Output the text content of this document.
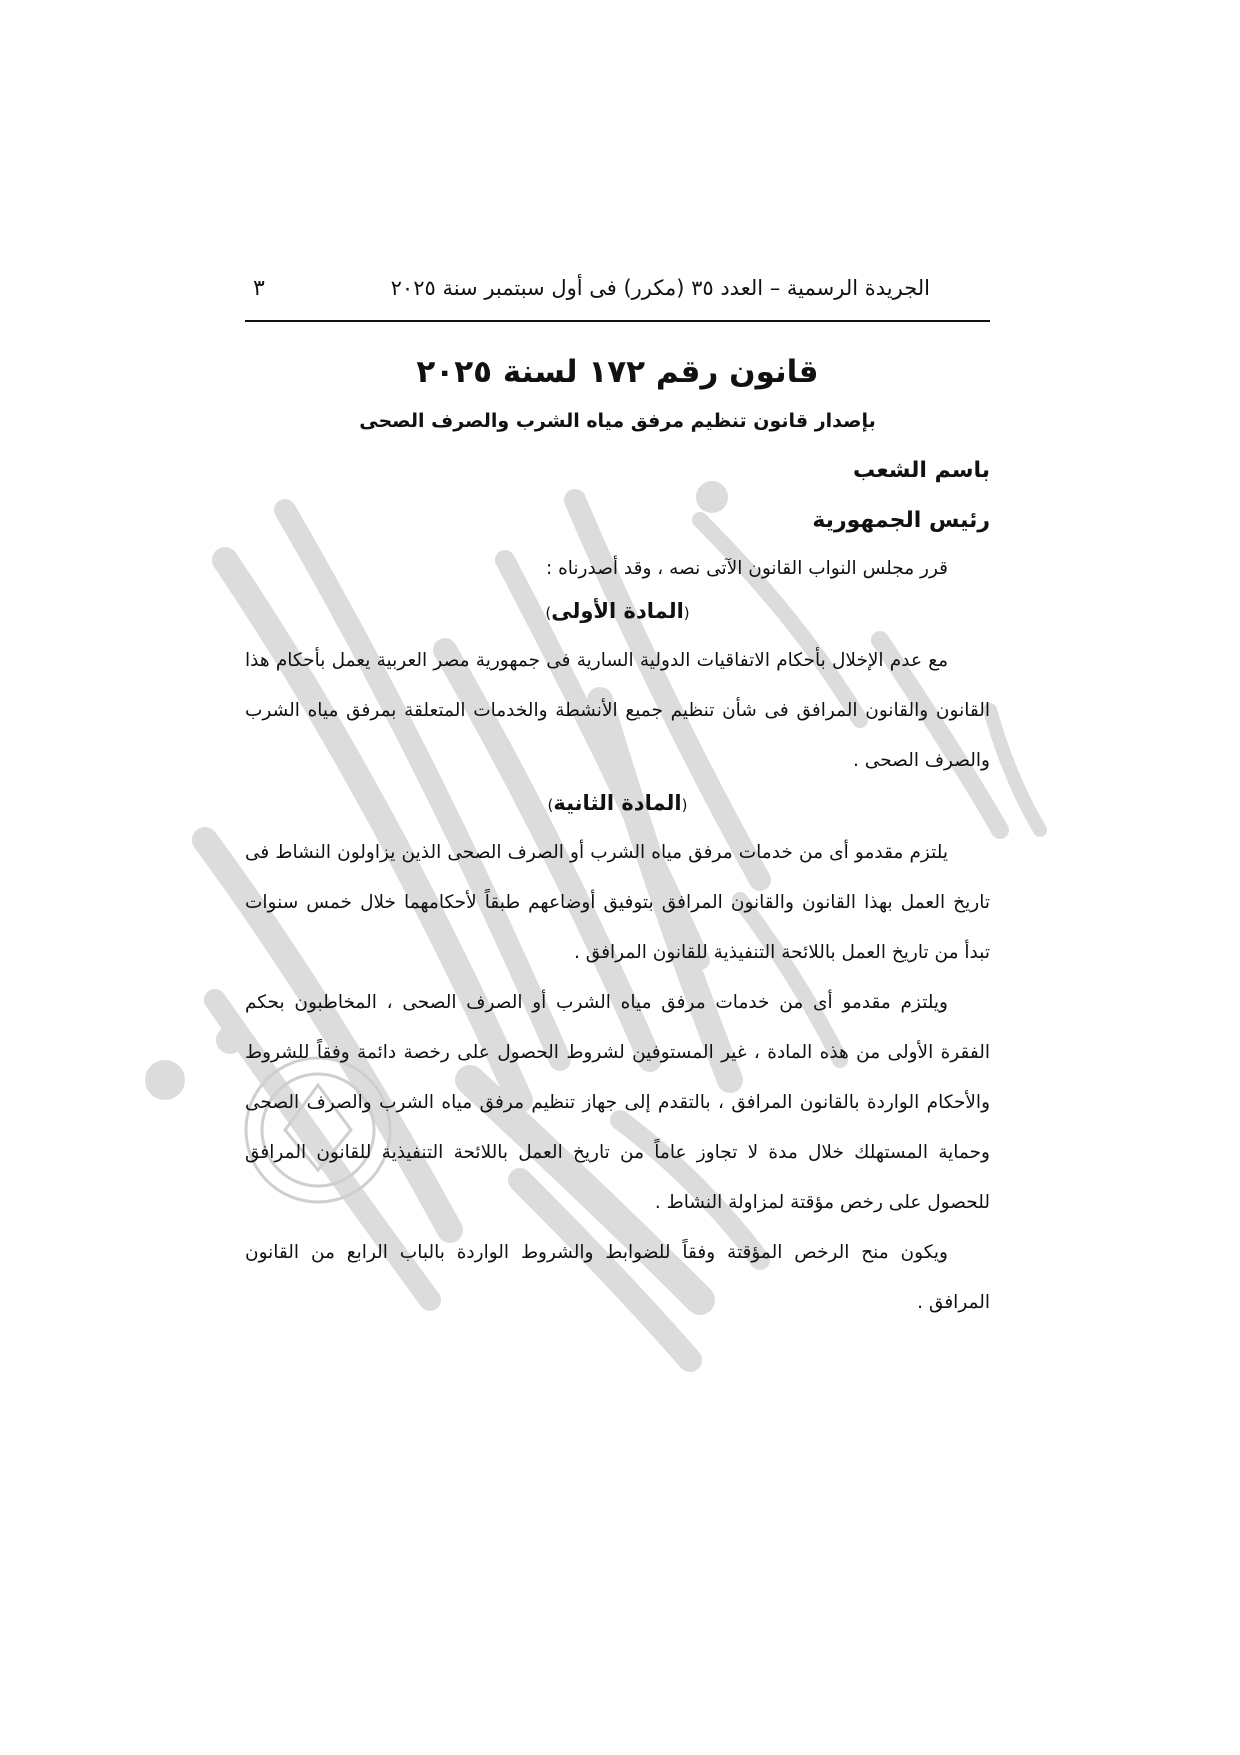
الجريدة الرسمية – العدد ٣٥ (مكرر) فى أول سبتمبر سنة ٢٠٢٥
٣
قانون رقم ١٧٢ لسنة ٢٠٢٥
بإصدار قانون تنظيم مرفق مياه الشرب والصرف الصحى
باسم الشعب
رئيس الجمهورية

قرر مجلس النواب القانون الآتى نصه ، وقد أصدرناه :

(المادة الأولى)

مع عدم الإخلال بأحكام الاتفاقيات الدولية السارية فى جمهورية مصر العربية يعمل بأحكام هذا القانون والقانون المرافق فى شأن تنظيم جميع الأنشطة والخدمات المتعلقة بمرفق مياه الشرب والصرف الصحى .

(المادة الثانية)

يلتزم مقدمو أى من خدمات مرفق مياه الشرب أو الصرف الصحى الذين يزاولون النشاط فى تاريخ العمل بهذا القانون والقانون المرافق بتوفيق أوضاعهم طبقاً لأحكامهما خلال خمس سنوات تبدأ من تاريخ العمل باللائحة التنفيذية للقانون المرافق .

ويلتزم مقدمو أى من خدمات مرفق مياه الشرب أو الصرف الصحى ، المخاطبون بحكم الفقرة الأولى من هذه المادة ، غير المستوفين لشروط الحصول على رخصة دائمة وفقاً للشروط والأحكام الواردة بالقانون المرافق ، بالتقدم إلى جهاز تنظيم مرفق مياه الشرب والصرف الصحى وحماية المستهلك خلال مدة لا تجاوز عاماً من تاريخ العمل باللائحة التنفيذية للقانون المرافق للحصول على رخص مؤقتة لمزاولة النشاط .

ويكون منح الرخص المؤقتة وفقاً للضوابط والشروط الواردة بالباب الرابع من القانون المرافق .
